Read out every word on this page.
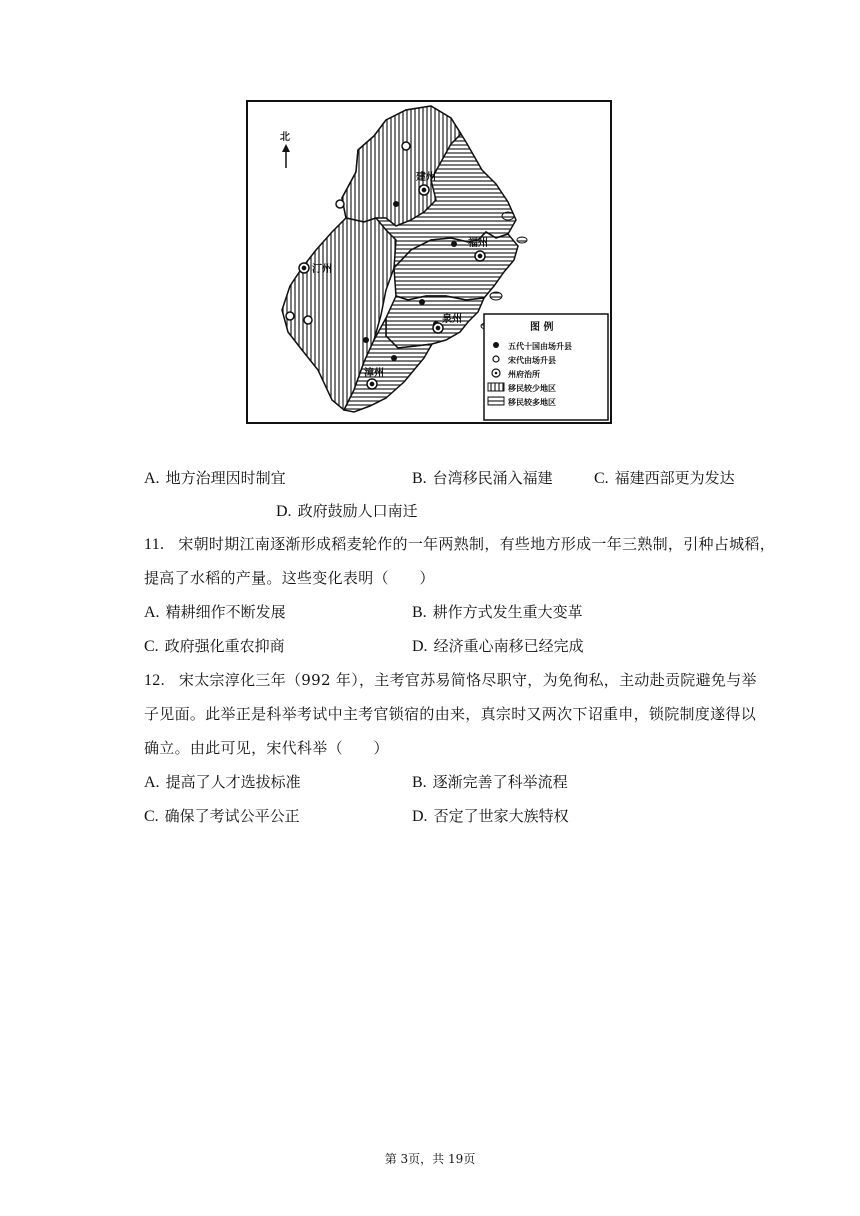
北
建州
福州
汀州
泉州
漳州
图 例
五代十国由场升县
宋代由场升县
州府治所
移民较少地区
移民较多地区
A. 地方治理因时制宜	B. 台湾移民涌入福建	C. 福建西部更为发达
D. 政府鼓励人口南迁
11. 宋朝时期江南逐渐形成稻麦轮作的一年两熟制，有些地方形成一年三熟制，引种占城稻，
提高了水稻的产量。这些变化表明（　　）
A. 精耕细作不断发展	B. 耕作方式发生重大变革
C. 政府强化重农抑商	D. 经济重心南移已经完成
12. 宋太宗淳化三年（992 年），主考官苏易简恪尽职守，为免徇私，主动赴贡院避免与举
子见面。此举正是科举考试中主考官锁宿的由来，真宗时又两次下诏重申，锁院制度遂得以
确立。由此可见，宋代科举（　　）
A. 提高了人才选拔标准	B. 逐渐完善了科举流程
C. 确保了考试公平公正	D. 否定了世家大族特权
第 3页，共 19页
